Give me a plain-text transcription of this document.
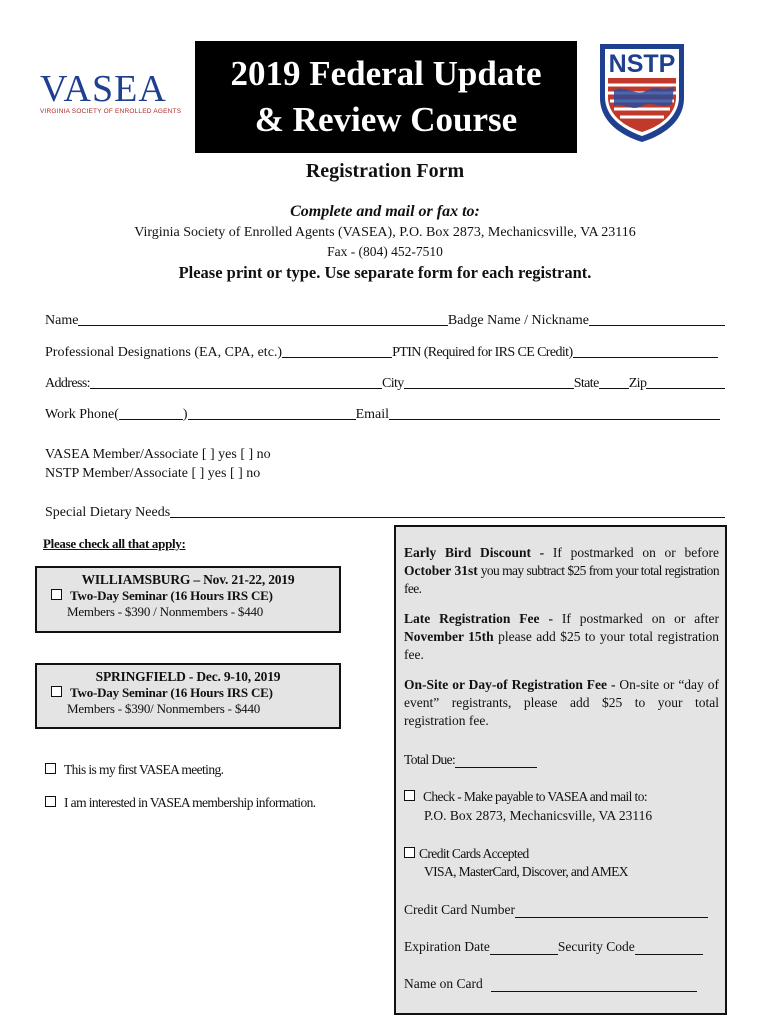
VASEA
VIRGINIA SOCIETY OF ENROLLED AGENTS
2019 Federal Update
& Review Course
NSTP
Registration Form
Complete and mail or fax to:
Virginia Society of Enrolled Agents (VASEA), P.O. Box 2873, Mechanicsville, VA 23116
Fax - (804) 452-7510
Please print or type. Use separate form for each registrant.
Name	Badge Name / Nickname
Professional Designations (EA, CPA, etc.)	PTIN (Required for IRS CE Credit)
Address:	City	State Zip
Work Phone(	)	Email
VASEA Member/Associate [ ] yes [ ] no
NSTP Member/Associate [ ] yes [ ] no
Special Dietary Needs
Please check all that apply:
WILLIAMSBURG – Nov. 21-22, 2019
Two-Day Seminar (16 Hours IRS CE)
Members - $390 / Nonmembers - $440
SPRINGFIELD - Dec. 9-10, 2019
Two-Day Seminar (16 Hours IRS CE)
Members - $390/ Nonmembers - $440
This is my first VASEA meeting.
I am interested in VASEA membership information.
Early Bird Discount - If postmarked on or before October 31st you may subtract $25 from your total registration fee.
Late Registration Fee - If postmarked on or after November 15th please add $25 to your total registration fee.
On-Site or Day-of Registration Fee - On-site or “day of event” registrants, please add $25 to your total registration fee.
Total Due:
Check - Make payable to VASEA and mail to:
P.O. Box 2873, Mechanicsville, VA 23116
Credit Cards Accepted
VISA, MasterCard, Discover, and AMEX
Credit Card Number
Expiration Date	Security Code
Name on Card
